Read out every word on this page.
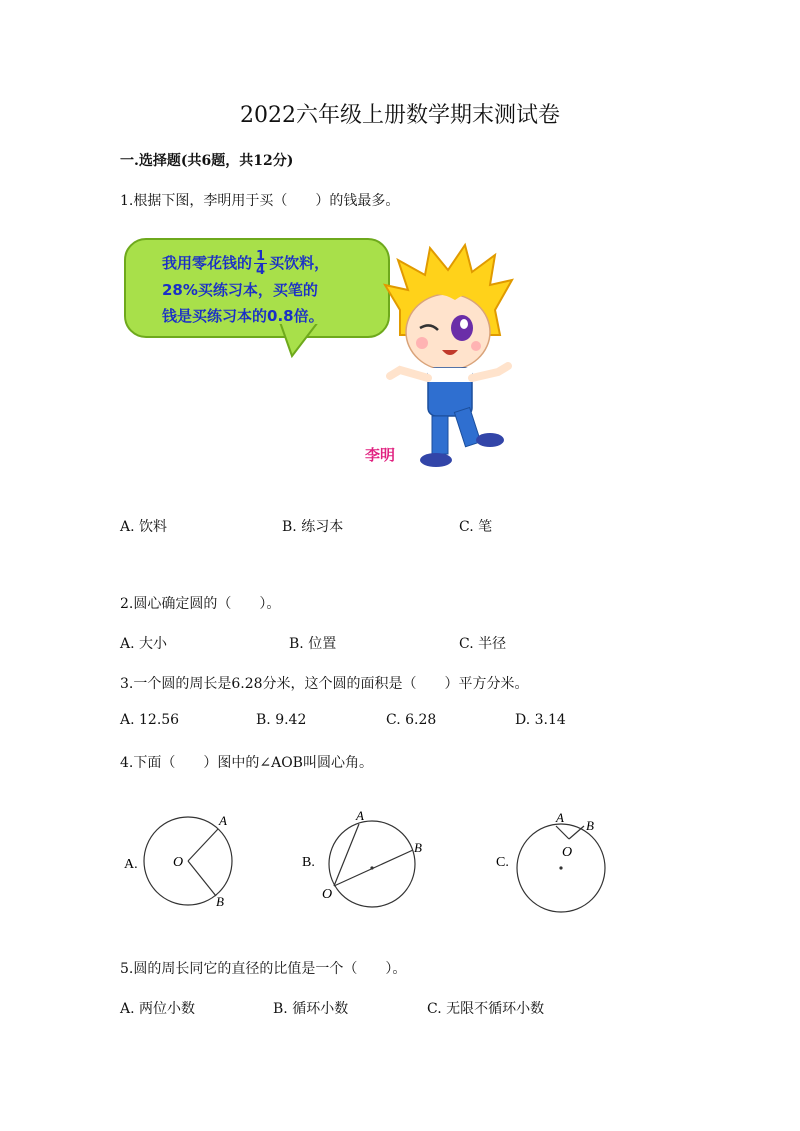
2022六年级上册数学期末测试卷
一.选择题(共6题，共12分)
1.根据下图，李明用于买（　　）的钱最多。
我用零花钱的 $\frac{1}{4}$ 买饮料，
28%买练习本，买笔的
钱是买练习本的0.8倍。
李明
A. 饮料	B. 练习本	C. 笔
2.圆心确定圆的（　　）。
A. 大小	B. 位置	C. 半径
3.一个圆的周长是6.28分米，这个圆的面积是（　　）平方分米。
A. 12.56	B. 9.42	C. 6.28	D. 3.14
4.下面（　　）图中的∠AOB叫圆心角。
A.	O
A
B
B.
O
A
B
C.
O
A
B
5.圆的周长同它的直径的比值是一个（　　）。
A. 两位小数	B. 循环小数	C. 无限不循环小数
